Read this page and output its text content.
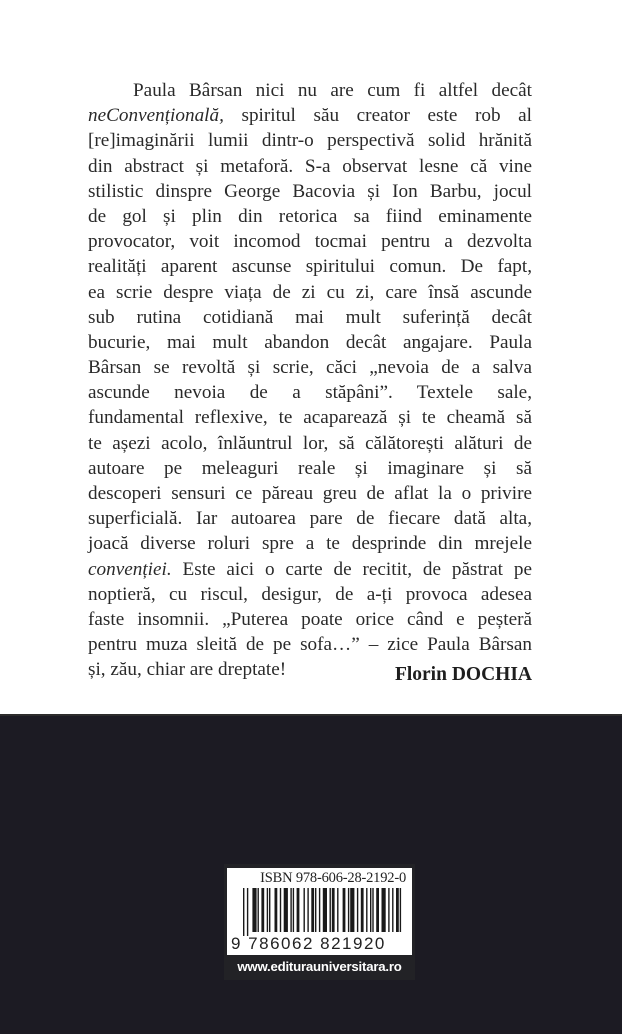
Paula Bârsan nici nu are cum fi altfel decât
neConvențională, spiritul său creator este rob al
[re]imaginării lumii dintr-o perspectivă solid hrănită
din abstract și metaforă. S-a observat lesne că vine
stilistic dinspre George Bacovia și Ion Barbu, jocul
de gol și plin din retorica sa fiind eminamente
provocator, voit incomod tocmai pentru a dezvolta
realități aparent ascunse spiritului comun. De fapt,
ea scrie despre viața de zi cu zi, care însă ascunde
sub rutina cotidiană mai mult suferință decât
bucurie, mai mult abandon decât angajare. Paula
Bârsan se revoltă și scrie, căci „nevoia de a salva
ascunde nevoia de a stăpâni”. Textele sale,
fundamental reflexive, te acaparează și te cheamă să
te așezi acolo, înlăuntrul lor, să călătorești alături de
autoare pe meleaguri reale și imaginare și să
descoperi sensuri ce păreau greu de aflat la o privire
superficială. Iar autoarea pare de fiecare dată alta,
joacă diverse roluri spre a te desprinde din mrejele
convenției. Este aici o carte de recitit, de păstrat pe
noptieră, cu riscul, desigur, de a-ți provoca adesea
faste insomnii. „Puterea poate orice când e peșteră
pentru muza sleită de pe sofa…” – zice Paula Bârsan
și, zău, chiar are dreptate!	Florin DOCHIA
ISBN 978-606-28-2192-0
9 786062 821920
www.editurauniversitara.ro
